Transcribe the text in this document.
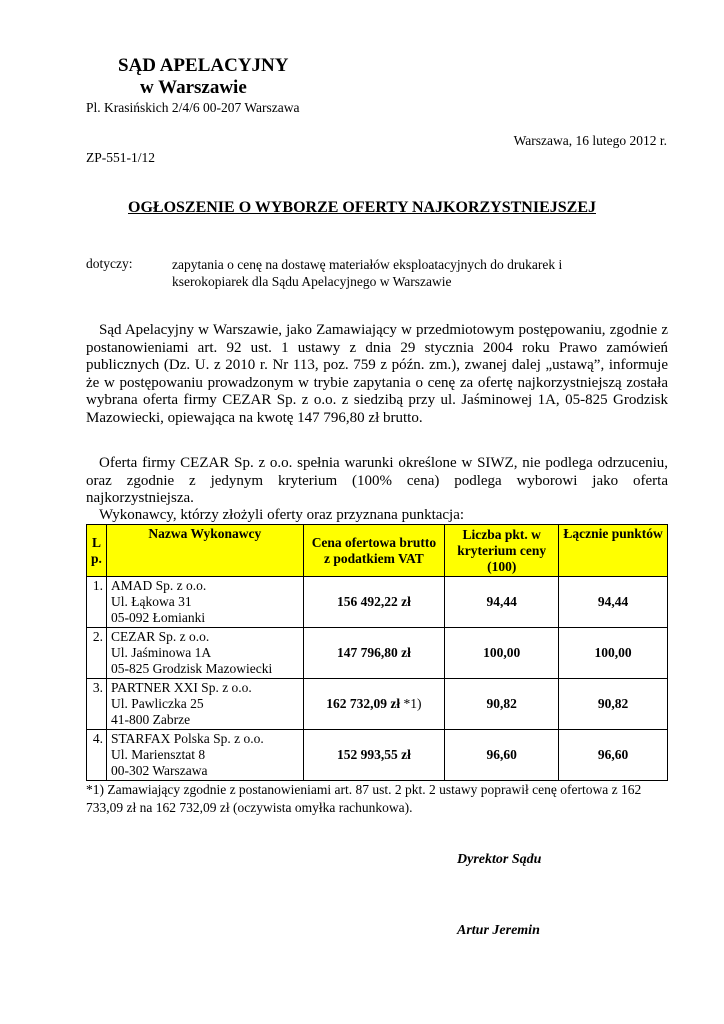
SĄD APELACYJNY
w Warszawie
Pl. Krasińskich 2/4/6 00-207 Warszawa
Warszawa, 16 lutego 2012 r.
ZP-551-1/12
OGŁOSZENIE O WYBORZE OFERTY NAJKORZYSTNIEJSZEJ
dotyczy:	zapytania o cenę na dostawę materiałów eksploatacyjnych do drukarek i kserokopiarek dla Sądu Apelacyjnego w Warszawie
Sąd Apelacyjny w Warszawie, jako Zamawiający w przedmiotowym postępowaniu, zgodnie z postanowieniami art. 92 ust. 1 ustawy z dnia 29 stycznia 2004 roku Prawo zamówień publicznych (Dz. U. z 2010 r. Nr 113, poz. 759 z późn. zm.), zwanej dalej „ustawą”, informuje że w postępowaniu prowadzonym w trybie zapytania o cenę za ofertę najkorzystniejszą została wybrana oferta firmy CEZAR Sp. z o.o. z siedzibą przy ul. Jaśminowej 1A, 05-825 Grodzisk Mazowiecki, opiewająca na kwotę 147 796,80 zł brutto.
Oferta firmy CEZAR Sp. z o.o. spełnia warunki określone w SIWZ, nie podlega odrzuceniu, oraz zgodnie z jedynym kryterium (100% cena) podlega wyborowi jako oferta najkorzystniejsza.
Wykonawcy, którzy złożyli oferty oraz przyznana punktacja:
L p.	Nazwa Wykonawcy	Cena ofertowa brutto z podatkiem VAT	Liczba pkt. w kryterium ceny (100)	Łącznie punktów
1.	AMAD Sp. z o.o.
Ul. Łąkowa 31
05-092 Łomianki	156 492,22 zł	94,44	94,44
2.	CEZAR Sp. z o.o.
Ul. Jaśminowa 1A
05-825 Grodzisk Mazowiecki	147 796,80 zł	100,00	100,00
3.	PARTNER XXI Sp. z o.o.
Ul. Pawliczka 25
41-800 Zabrze	162 732,09 zł *1)	90,82	90,82
4.	STARFAX Polska Sp. z o.o.
Ul. Mariensztat 8
00-302 Warszawa	152 993,55 zł	96,60	96,60
*1) Zamawiający zgodnie z postanowieniami art. 87 ust. 2 pkt. 2 ustawy poprawił cenę ofertowa z 162 733,09 zł na 162 732,09 zł (oczywista omyłka rachunkowa).
Dyrektor Sądu
Artur Jeremin
